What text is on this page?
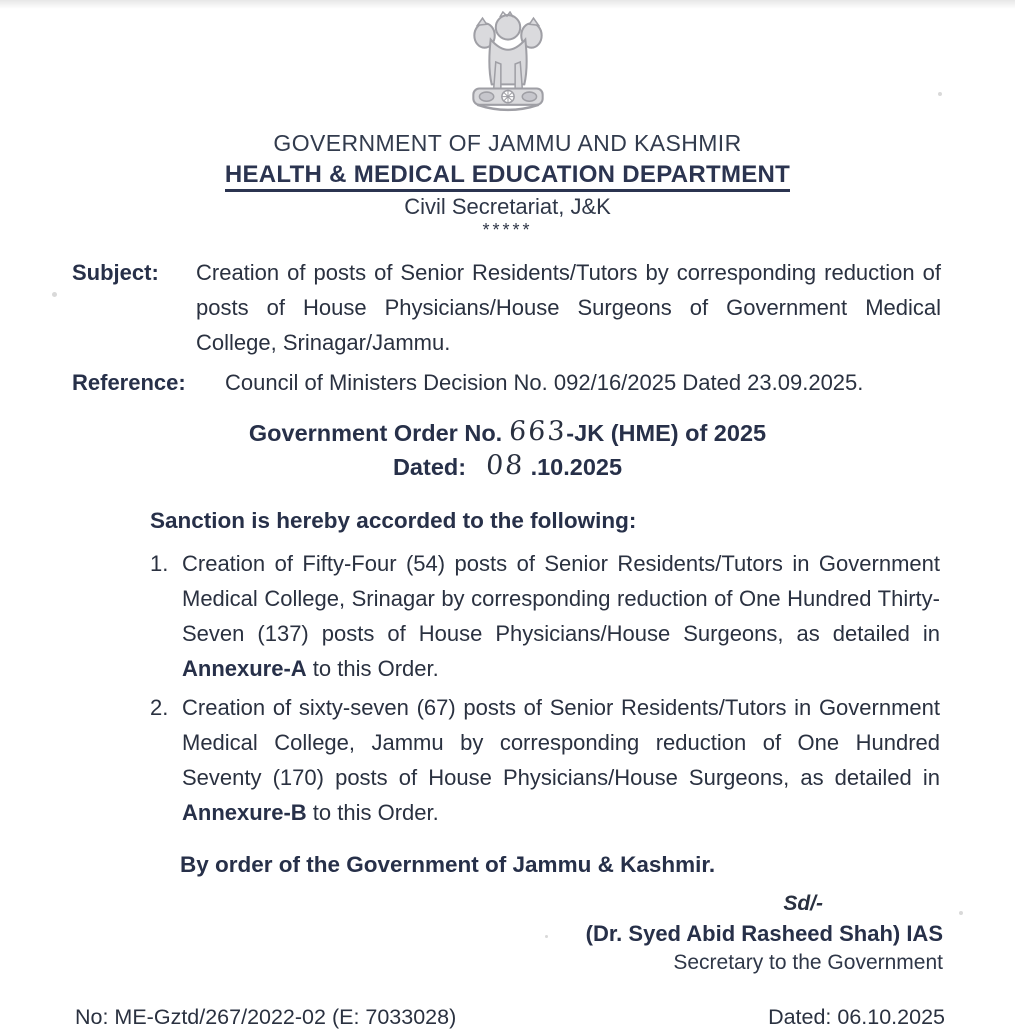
GOVERNMENT OF JAMMU AND KASHMIR
HEALTH & MEDICAL EDUCATION DEPARTMENT
Civil Secretariat, J&K
*****
Subject:	Creation of posts of Senior Residents/Tutors by corresponding reduction of posts of House Physicians/House Surgeons of Government Medical College, Srinagar/Jammu.
Reference:	Council of Ministers Decision No. 092/16/2025 Dated 23.09.2025.
Government Order No. 663-JK (HME) of 2025
Dated: 08 .10.2025
Sanction is hereby accorded to the following:
1. Creation of Fifty-Four (54) posts of Senior Residents/Tutors in Government Medical College, Srinagar by corresponding reduction of One Hundred Thirty-Seven (137) posts of House Physicians/House Surgeons, as detailed in Annexure-A to this Order.
2. Creation of sixty-seven (67) posts of Senior Residents/Tutors in Government Medical College, Jammu by corresponding reduction of One Hundred Seventy (170) posts of House Physicians/House Surgeons, as detailed in Annexure-B to this Order.
By order of the Government of Jammu & Kashmir.
Sd/-
(Dr. Syed Abid Rasheed Shah) IAS
Secretary to the Government
No: ME-Gztd/267/2022-02 (E: 7033028)	Dated: 06.10.2025
